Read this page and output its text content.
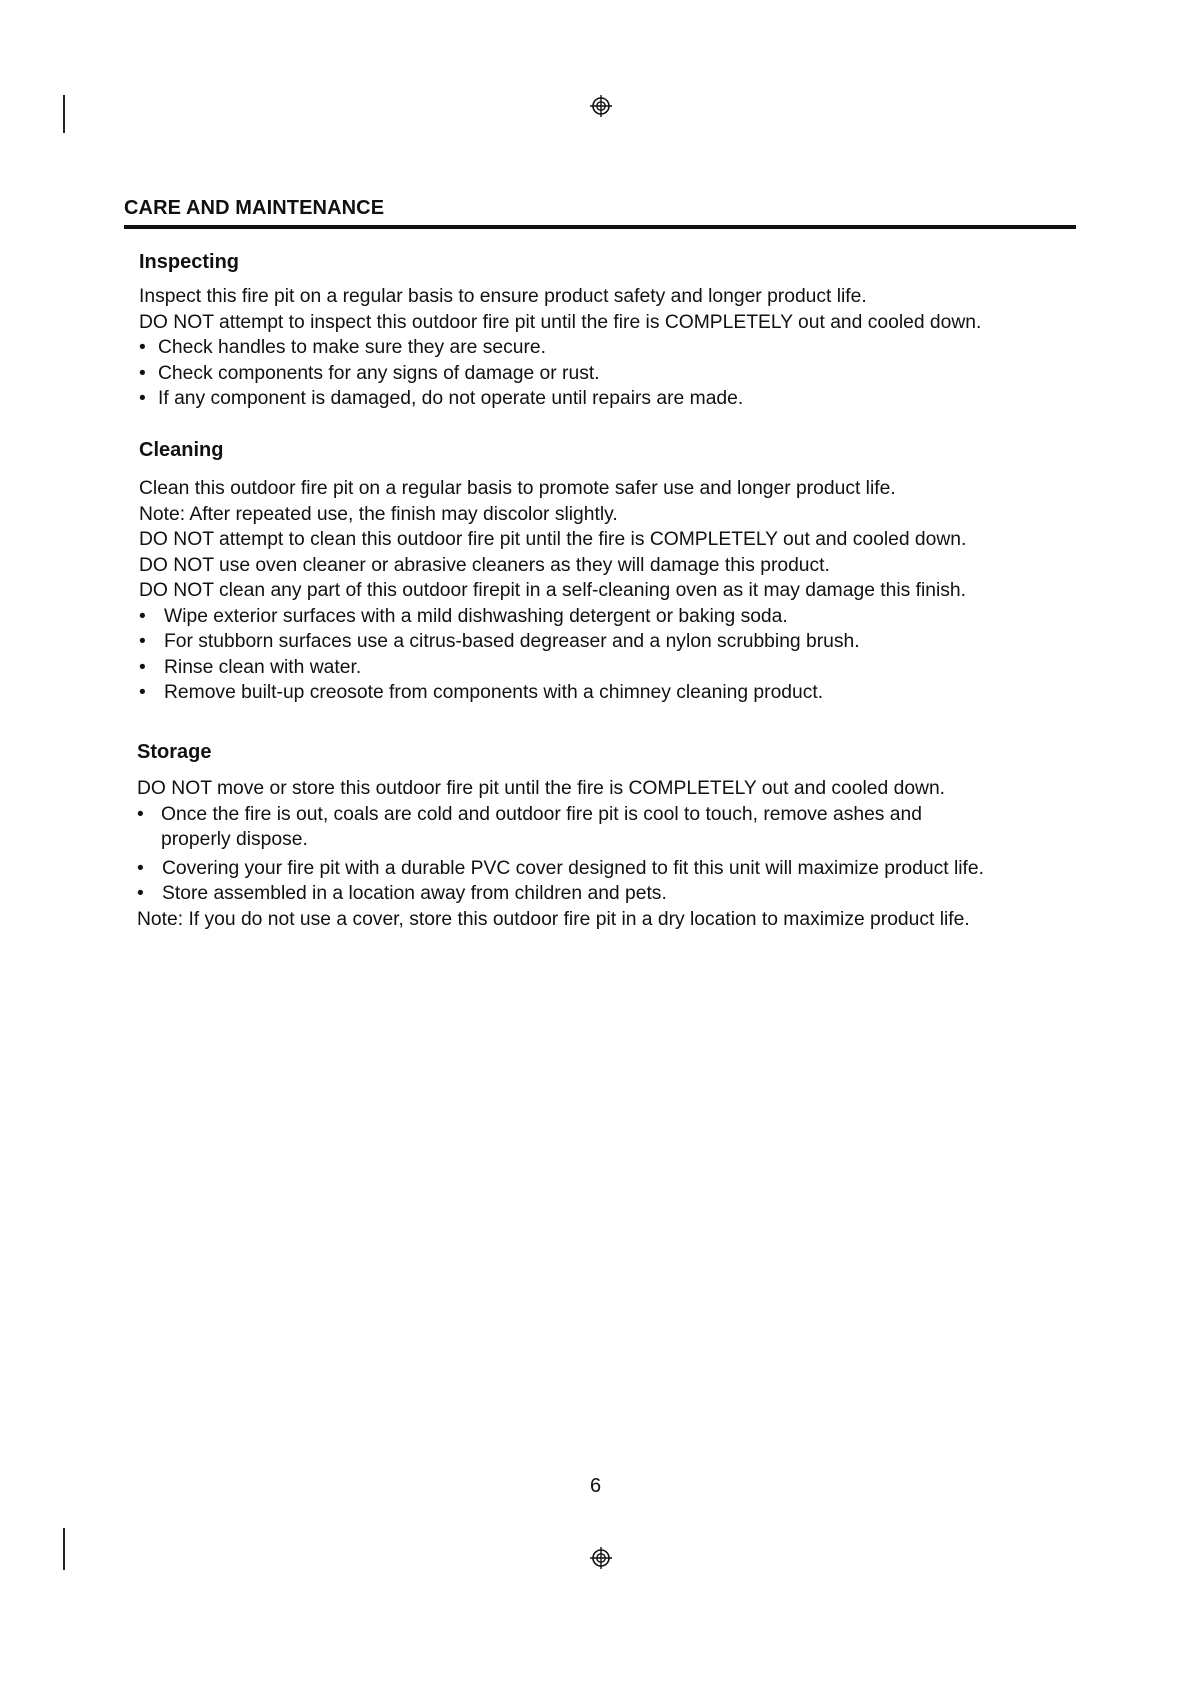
CARE AND MAINTENANCE
Inspecting
Inspect this fire pit on a regular basis to ensure product safety and longer product life.
DO NOT attempt to inspect this outdoor fire pit until the fire is COMPLETELY out and cooled down.
• Check handles to make sure they are secure.
• Check components for any signs of damage or rust.
• If any component is damaged, do not operate until repairs are made.
Cleaning
Clean this outdoor fire pit on a regular basis to promote safer use and longer product life.
Note: After repeated use, the finish may discolor slightly.
DO NOT attempt to clean this outdoor fire pit until the fire is COMPLETELY out and cooled down.
DO NOT use oven cleaner or abrasive cleaners as they will damage this product.
DO NOT clean any part of this outdoor firepit in a self-cleaning oven as it may damage this finish.
• Wipe exterior surfaces with a mild dishwashing detergent or baking soda.
• For stubborn surfaces use a citrus-based degreaser and a nylon scrubbing brush.
• Rinse clean with water.
• Remove built-up creosote from components with a chimney cleaning product.
Storage
DO NOT move or store this outdoor fire pit until the fire is COMPLETELY out and cooled down.
• Once the fire is out, coals are cold and outdoor fire pit is cool to touch, remove ashes and
properly dispose.
• Covering your fire pit with a durable PVC cover designed to fit this unit will maximize product life.
• Store assembled in a location away from children and pets.
Note: If you do not use a cover, store this outdoor fire pit in a dry location to maximize product life.
6
